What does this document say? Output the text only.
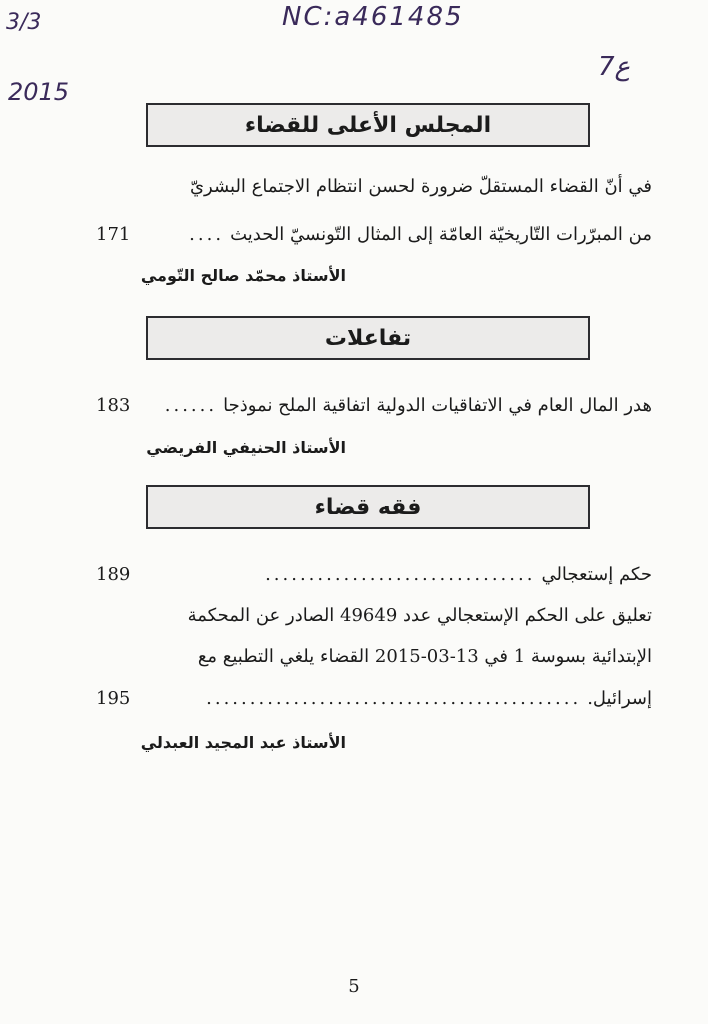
NC:a461485
3/3
2015
7ع
المجلس الأعلى للقضاء
في أنّ القضاء المستقلّ ضرورة لحسن انتظام الاجتماع البشريّ
171	.... من المبرّرات التّاريخيّة العامّة إلى المثال التّونسيّ الحديث
الأستاذ محمّد صالح التّومي
تفاعلات
183	...... هدر المال العام في الاتفاقيات الدولية اتفاقية الملح نموذجا
الأستاذ الحنيفي الفريضي
فقه قضاء
189	............................... حكم إستعجالي
تعليق على الحكم الإستعجالي عدد 49649 الصادر عن المحكمة
الإبتدائية بسوسة 1 في 13-03-2015 القضاء يلغي التطبيع مع
195	........................................... إسرائيل.
الأستاذ عبد المجيد العبدلي
5
